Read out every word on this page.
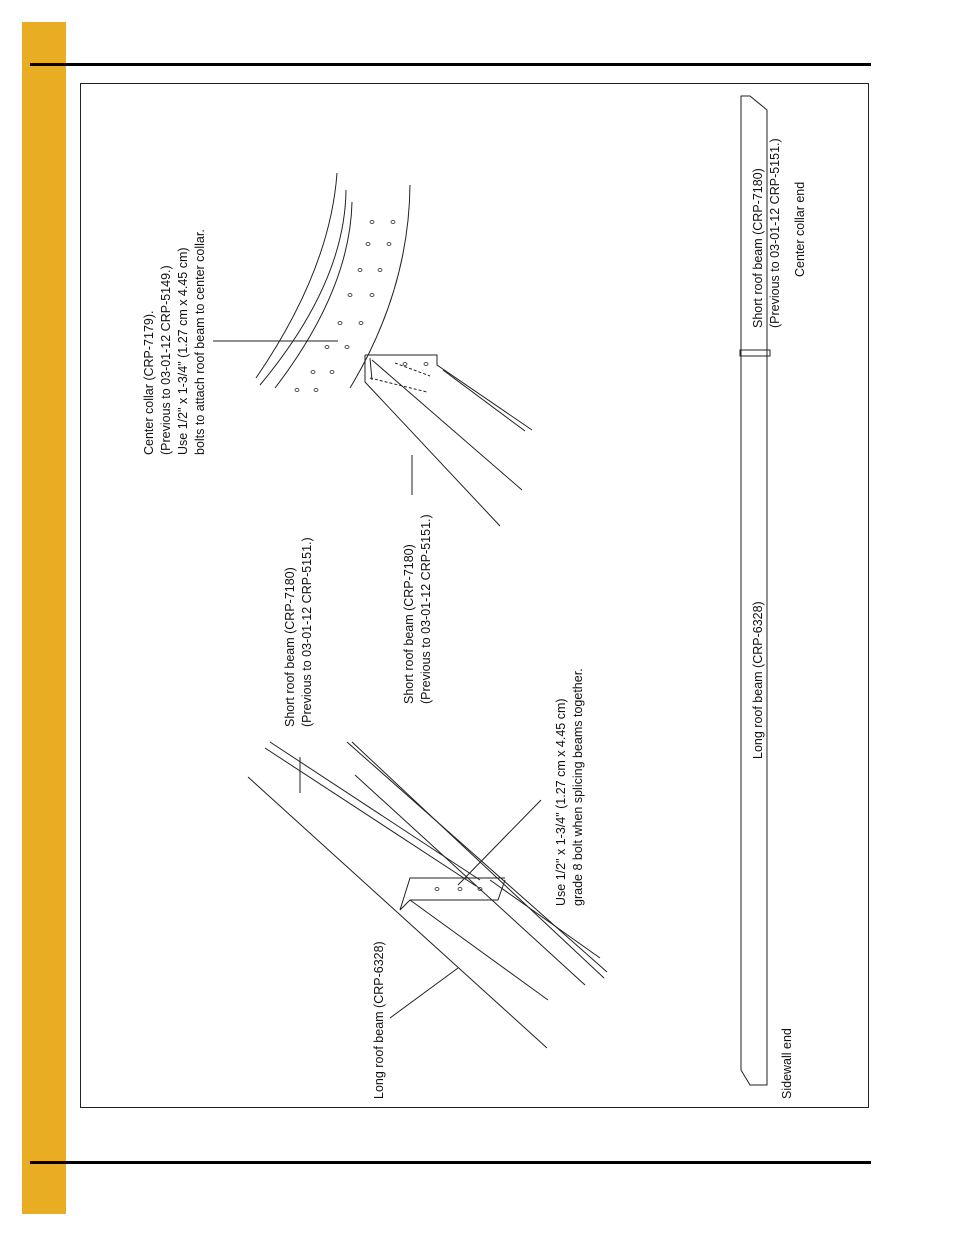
Center collar (CRP-7179). (Previous to 03-01-12 CRP-5149.) Use 1/2" x 1-3/4" (1.27 cm x 4.45 cm) bolts to attach roof beam to center collar.
Short roof beam (CRP-7180) (Previous to 03-01-12 CRP-5151.)	Short roof beam (CRP-7180) (Previous to 03-01-12 CRP-5151.)
Use 1/2" x 1-3/4" (1.27 cm x 4.45 cm) grade 8 bolt when splicing beams together.
Long roof beam (CRP-6328)
Long roof beam (CRP-6328)
Short roof beam (CRP-7180) (Previous to 03-01-12 CRP-5151.) Center collar end
Sidewall end
